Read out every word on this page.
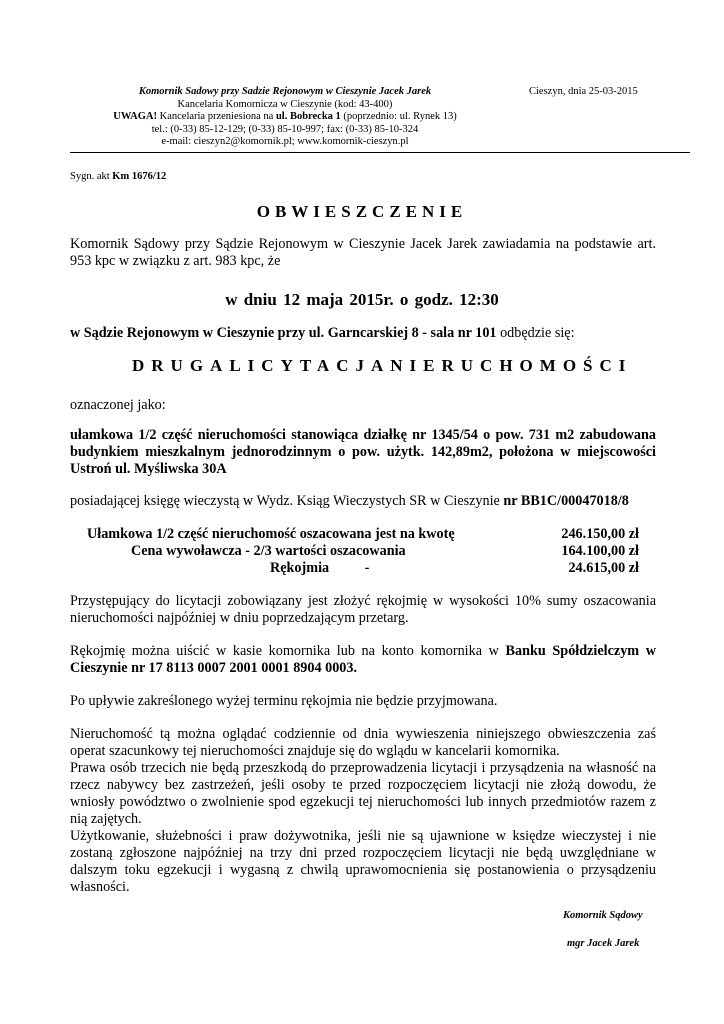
Komornik Sadowy przy Sadzie Rejonowym w Cieszynie Jacek Jarek
Kancelaria Komornicza w Cieszynie (kod: 43-400)
UWAGA! Kancelaria przeniesiona na ul. Bobrecka 1 (poprzednio: ul. Rynek 13)
tel.: (0-33) 85-12-129; (0-33) 85-10-997; fax: (0-33) 85-10-324
e-mail: cieszyn2@komornik.pl; www.komornik-cieszyn.pl
Cieszyn, dnia 25-03-2015
Sygn. akt Km 1676/12
OBWIESZCZENIE
Komornik Sądowy przy Sądzie Rejonowym w Cieszynie Jacek Jarek zawiadamia na podstawie art. 953 kpc w związku z art. 983 kpc, że
w dniu 12 maja 2015r. o godz. 12:30
w Sądzie Rejonowym w Cieszynie przy ul. Garncarskiej 8 - sala nr 101 odbędzie się:
DRUGA LICYTACJA NIERUCHOMOŚCI
oznaczonej jako:
ułamkowa 1/2 część nieruchomości stanowiąca działkę nr 1345/54 o pow. 731 m2 zabudowana budynkiem mieszkalnym jednorodzinnym o pow. użytk. 142,89m2, położona w miejscowości Ustroń ul. Myśliwska 30A
posiadającej księgę wieczystą w Wydz. Ksiąg Wieczystych SR w Cieszynie nr BB1C/00047018/8
Ułamkowa 1/2 część nieruchomość oszacowana jest na kwotę	246.150,00 zł
Cena wywoławcza - 2/3 wartości oszacowania	164.100,00 zł
Rękojmia          -	24.615,00 zł
Przystępujący do licytacji zobowiązany jest złożyć rękojmię w wysokości 10% sumy oszacowania nieruchomości najpóźniej w dniu poprzedzającym przetarg.
Rękojmię można uiścić w kasie komornika lub na konto komornika w Banku Spółdzielczym w Cieszynie nr 17 8113 0007 2001 0001 8904 0003.
Po upływie zakreślonego wyżej terminu rękojmia nie będzie przyjmowana.
Nieruchomość tą można oglądać codziennie od dnia wywieszenia niniejszego obwieszczenia zaś operat szacunkowy tej nieruchomości znajduje się do wglądu w kancelarii komornika.
Prawa osób trzecich nie będą przeszkodą do przeprowadzenia licytacji i przysądzenia na własność na rzecz nabywcy bez zastrzeżeń, jeśli osoby te przed rozpoczęciem licytacji nie złożą dowodu, że wniosły powództwo o zwolnienie spod egzekucji tej nieruchomości lub innych przedmiotów razem z nią zajętych.
Użytkowanie, służebności i praw dożywotnika, jeśli nie są ujawnione w księdze wieczystej i nie zostaną zgłoszone najpóźniej na trzy dni przed rozpoczęciem licytacji nie będą uwzględniane w dalszym toku egzekucji i wygasną z chwilą uprawomocnienia się postanowienia o przysądzeniu własności.
Komornik Sądowy
mgr Jacek Jarek
